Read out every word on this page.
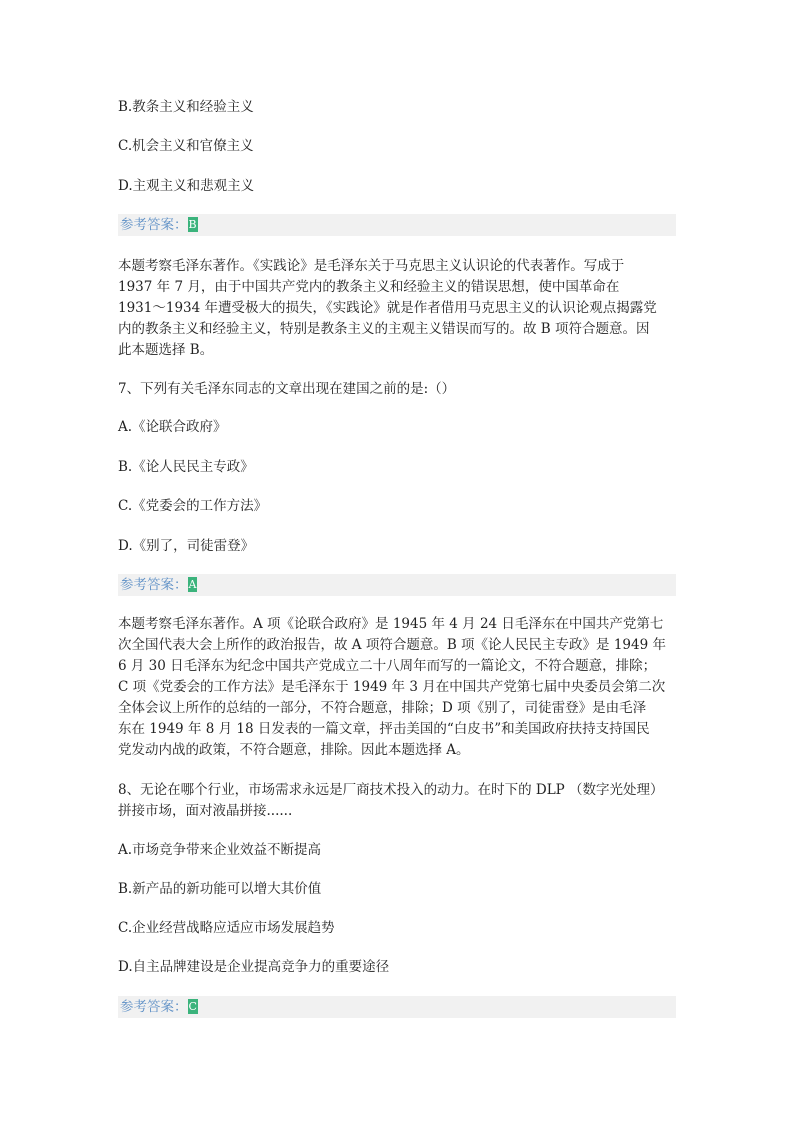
B.教条主义和经验主义
C.机会主义和官僚主义
D.主观主义和悲观主义
参考答案：B
本题考察毛泽东著作。《实践论》是毛泽东关于马克思主义认识论的代表著作。写成于
1937 年 7 月，由于中国共产党内的教条主义和经验主义的错误思想，使中国革命在
1931～1934 年遭受极大的损失，《实践论》就是作者借用马克思主义的认识论观点揭露党
内的教条主义和经验主义，特别是教条主义的主观主义错误而写的。故 B 项符合题意。因
此本题选择 B。
7、下列有关毛泽东同志的文章出现在建国之前的是:（）
A.《论联合政府》
B.《论人民民主专政》
C.《党委会的工作方法》
D.《别了，司徒雷登》
参考答案：A
本题考察毛泽东著作。A 项《论联合政府》是 1945 年 4 月 24 日毛泽东在中国共产党第七
次全国代表大会上所作的政治报告，故 A 项符合题意。B 项《论人民民主专政》是 1949 年
6 月 30 日毛泽东为纪念中国共产党成立二十八周年而写的一篇论文，不符合题意，排除；
C 项《党委会的工作方法》是毛泽东于 1949 年 3 月在中国共产党第七届中央委员会第二次
全体会议上所作的总结的一部分，不符合题意，排除；D 项《别了，司徒雷登》是由毛泽
东在 1949 年 8 月 18 日发表的一篇文章，抨击美国的“白皮书”和美国政府扶持支持国民
党发动内战的政策，不符合题意，排除。因此本题选择 A。
8、无论在哪个行业，市场需求永远是厂商技术投入的动力。在时下的 DLP （数字光处理）
拼接市场，面对液晶拼接......
A.市场竞争带来企业效益不断提高
B.新产品的新功能可以增大其价值
C.企业经营战略应适应市场发展趋势
D.自主品牌建设是企业提高竞争力的重要途径
参考答案：C
